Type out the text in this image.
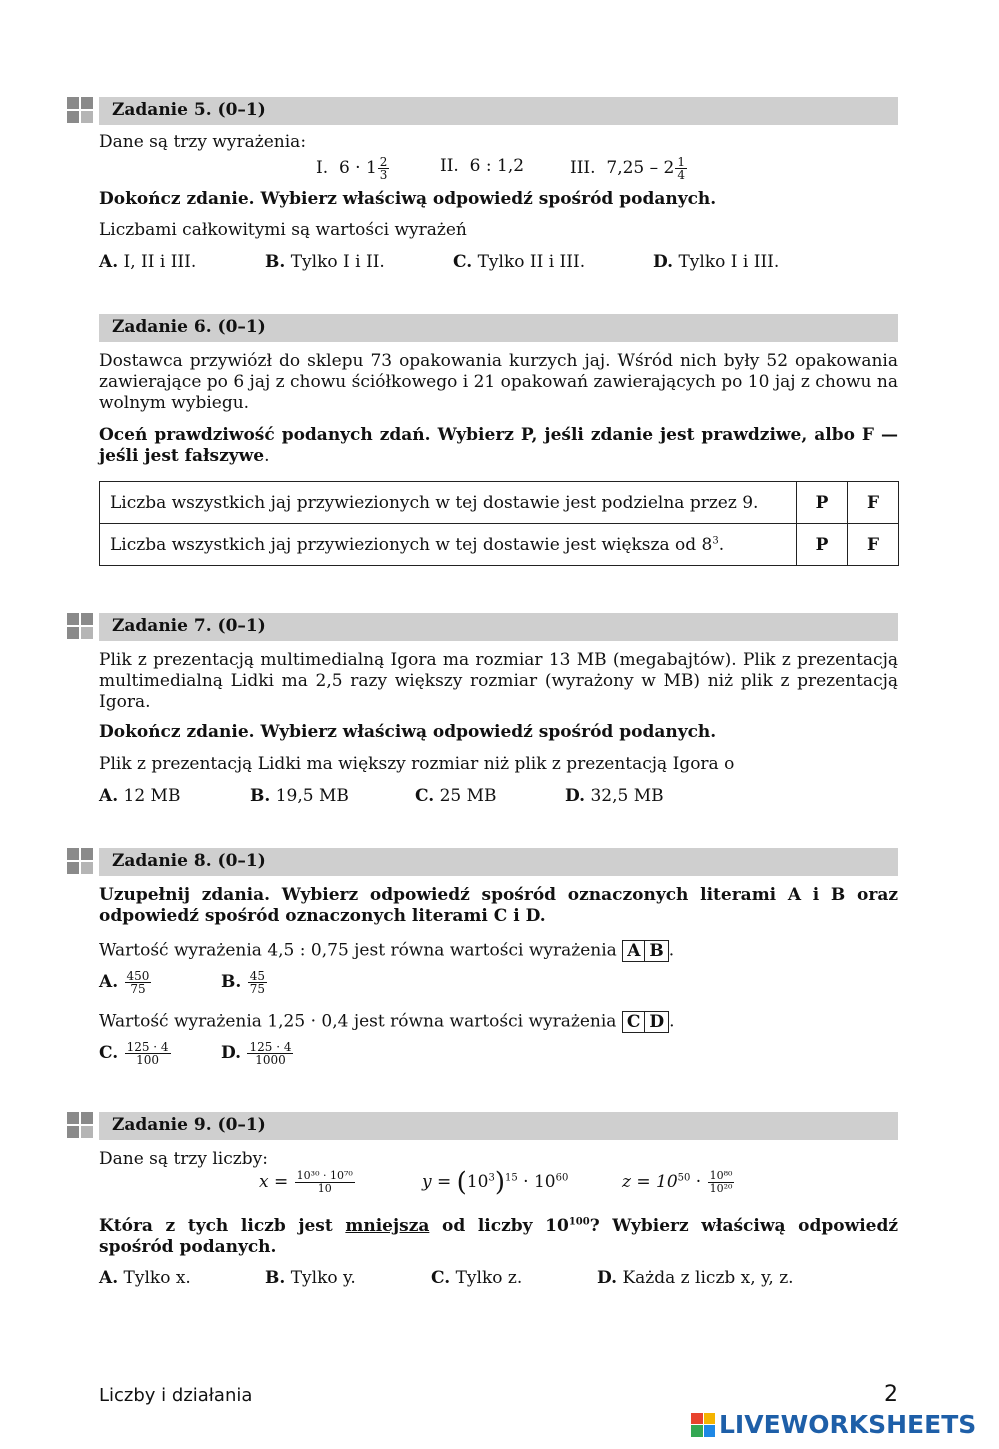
Zadanie 5. (0–1)
Dane są trzy wyrażenia:
I. $6 \cdot 1 \frac{2}{3}$	II. 6 : 1,2	III. $7,25 - 2 \frac{1}{4}$
Dokończ zdanie. Wybierz właściwą odpowiedź spośród podanych.
Liczbami całkowitymi są wartości wyrażeń
A. I, II i III.	B. Tylko I i II.	C. Tylko II i III.	D. Tylko I i III.
Zadanie 6. (0–1)
Dostawca przywiózł do sklepu 73 opakowania kurzych jaj. Wśród nich były 52 opakowania zawierające po 6 jaj z chowu ściółkowego i 21 opakowań zawierających po 10 jaj z chowu na wolnym wybiegu.
Oceń prawdziwość podanych zdań. Wybierz P, jeśli zdanie jest prawdziwe, albo F — jeśli jest fałszywe.
Liczba wszystkich jaj przywiezionych w tej dostawie jest podzielna przez 9.	P	F
Liczba wszystkich jaj przywiezionych w tej dostawie jest większa od $8^3$.	P	F
Zadanie 7. (0–1)
Plik z prezentacją multimedialną Igora ma rozmiar 13 MB (megabajtów). Plik z prezentacją multimedialną Lidki ma 2,5 razy większy rozmiar (wyrażony w MB) niż plik z prezentacją Igora.
Dokończ zdanie. Wybierz właściwą odpowiedź spośród podanych.
Plik z prezentacją Lidki ma większy rozmiar niż plik z prezentacją Igora o
A. 12 MB	B. 19,5 MB	C. 25 MB	D. 32,5 MB
Zadanie 8. (0–1)
Uzupełnij zdania. Wybierz odpowiedź spośród oznaczonych literami A i B oraz odpowiedź spośród oznaczonych literami C i D.
Wartość wyrażenia 4,5 : 0,75 jest równa wartości wyrażenia A B .
A. $\frac{450}{75}$	B. $\frac{45}{75}$
Wartość wyrażenia 1,25 · 0,4 jest równa wartości wyrażenia C D .
C. $\frac{125 \cdot 4}{100}$	D. $\frac{125 \cdot 4}{1000}$
Zadanie 9. (0–1)
Dane są trzy liczby:
$x = \frac{\text{10³⁰ · 10⁷⁰}}{10}$	$y = (10^3)^{15} \cdot 10^{60}$	$z = 10^{50} \cdot \frac{\text{10⁸⁰}}{\text{10²⁰}}$
Która z tych liczb jest mniejsza od liczby $10^{100}$? Wybierz właściwą odpowiedź spośród podanych.
A. Tylko x.	B. Tylko y.	C. Tylko z.	D. Każda z liczb x, y, z.
Liczby i działania	2
LIVEWORKSHEETS
